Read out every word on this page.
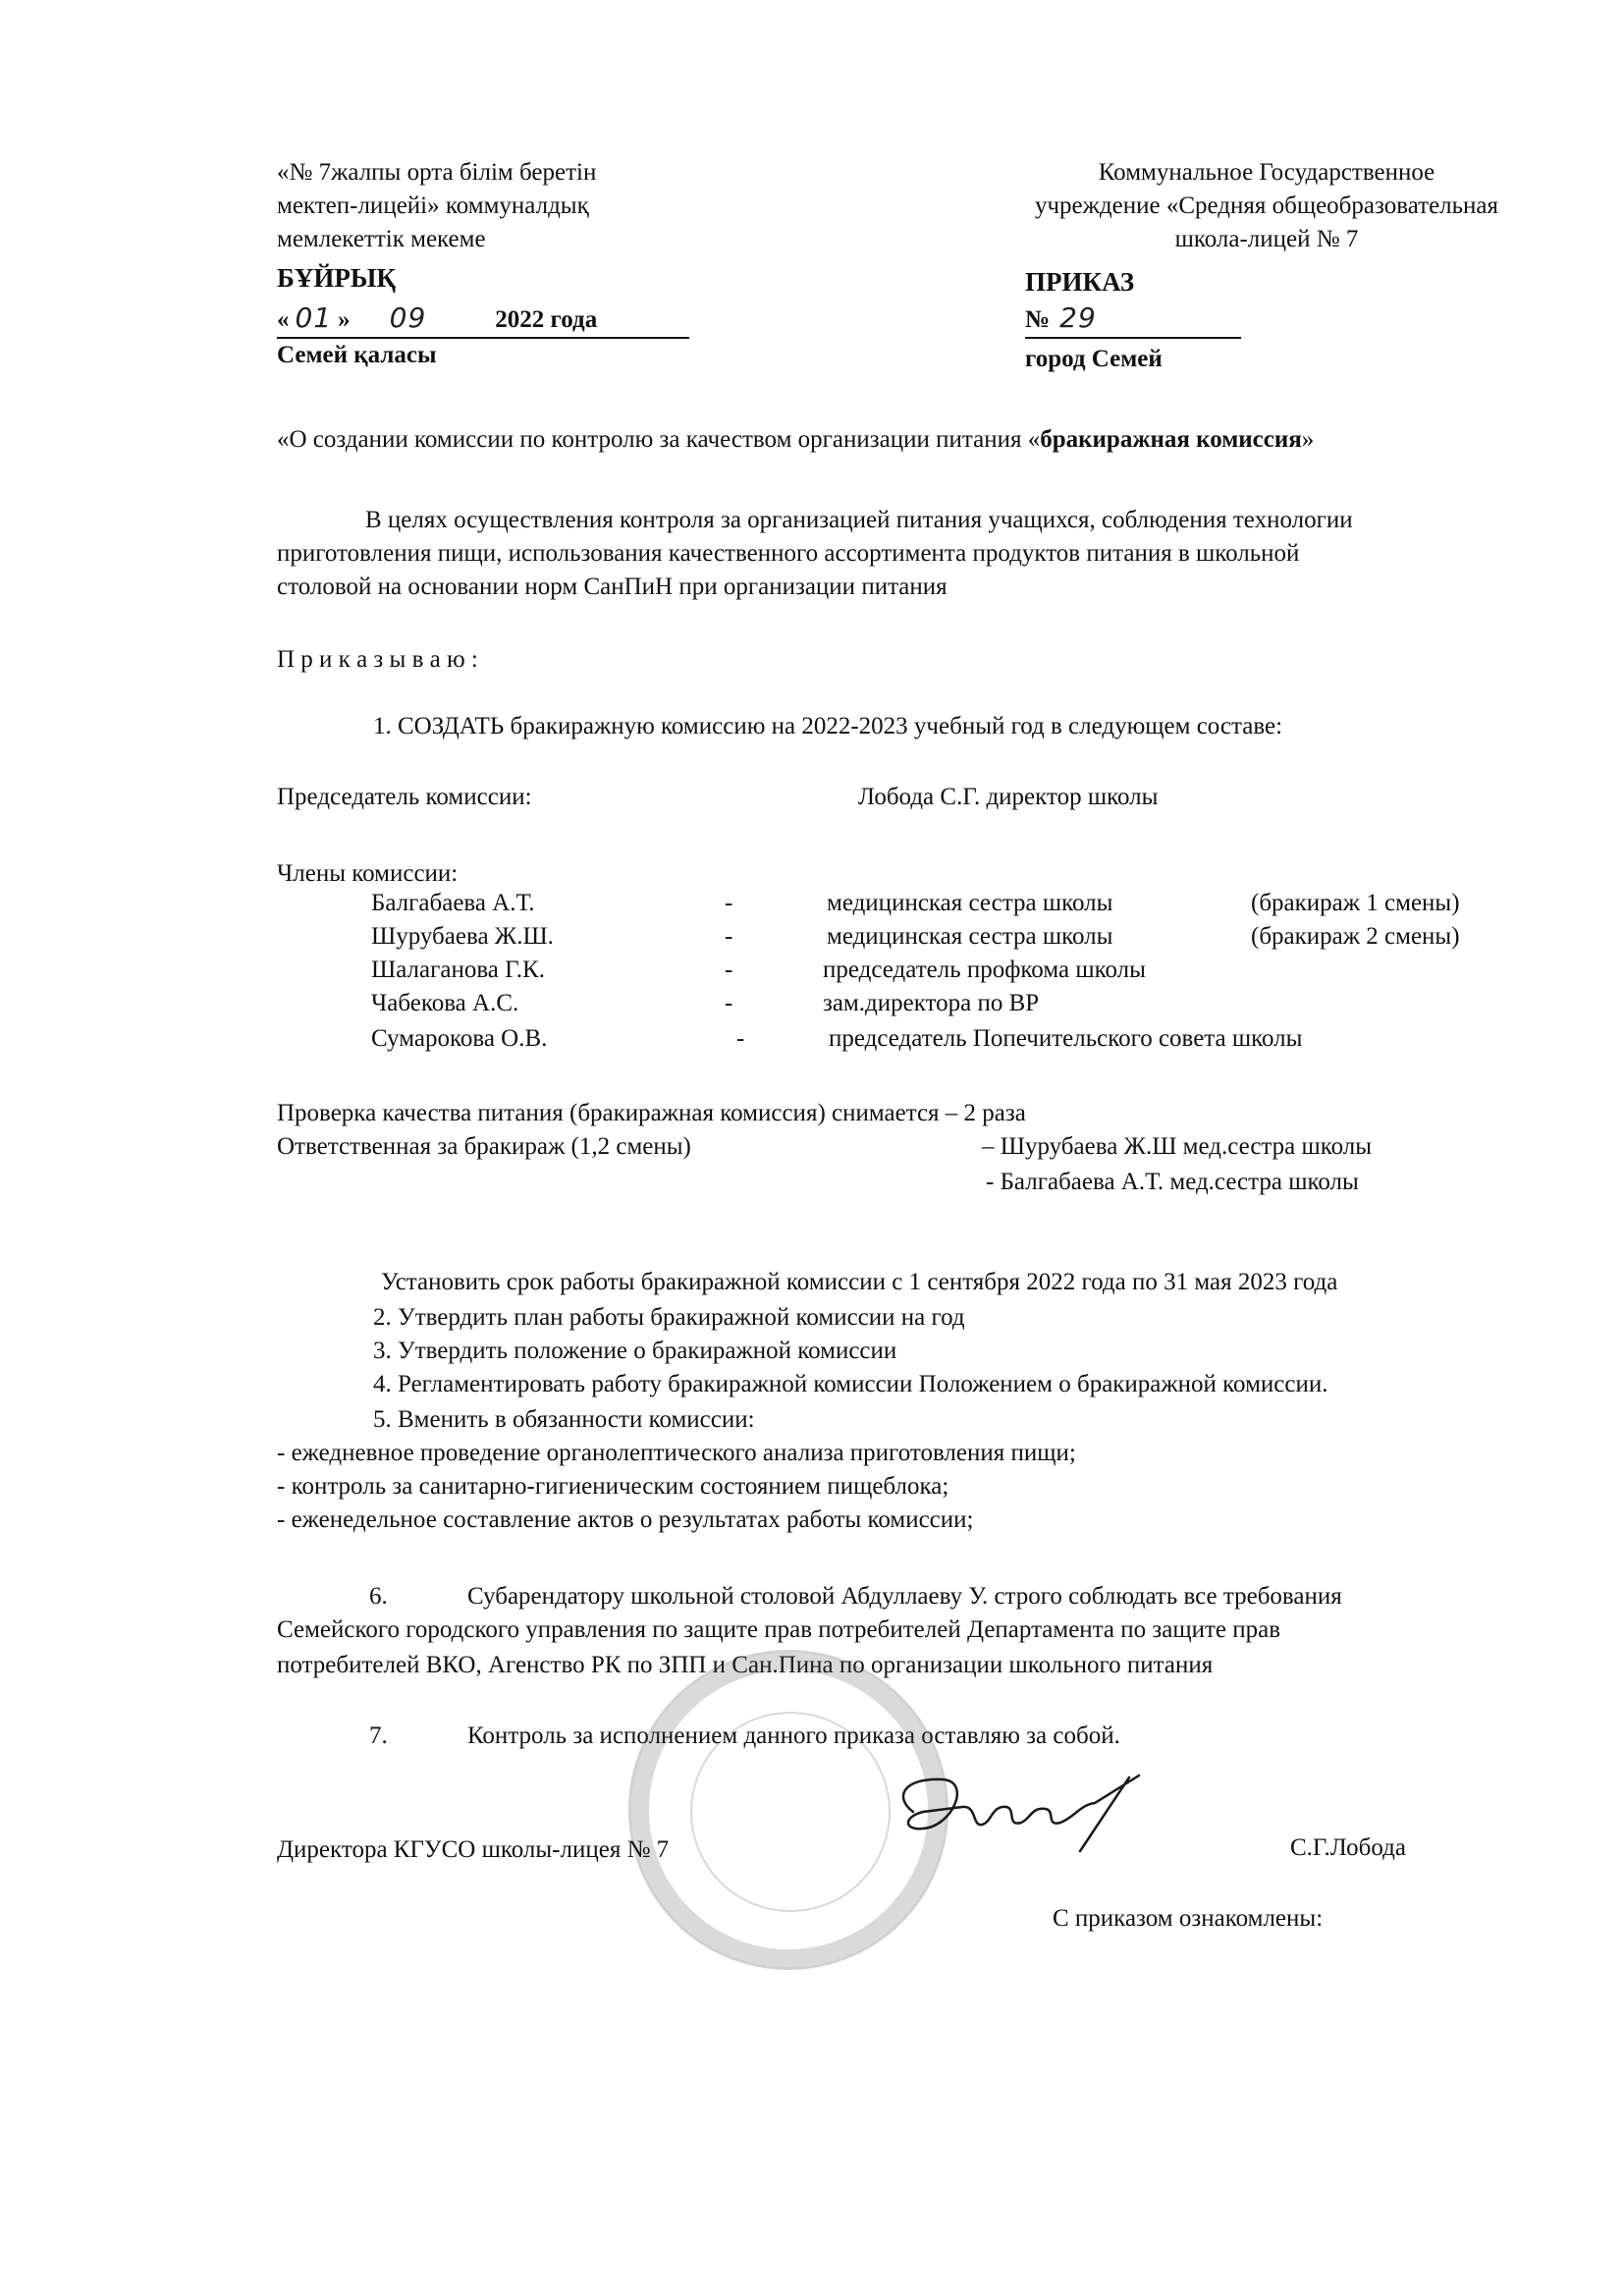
«№ 7жалпы орта білім беретін
мектеп-лицейі» коммуналдық
мемлекеттік мекеме
БҰЙРЫҚ
« 01 » 09	2022 года
Семей қаласы
Коммунальное Государственное
учреждение «Средняя общеобразовательная
школа-лицей № 7
ПРИКАЗ
№ 29
город Семей
«О создании комиссии по контролю за качеством организации питания «бракиражная комиссия»
В целях осуществления контроля за организацией питания учащихся, соблюдения технологии
приготовления пищи, использования качественного ассортимента продуктов питания в школьной
столовой на основании норм СанПиН при организации питания
П р и к а з ы в а ю :
1. СОЗДАТЬ бракиражную комиссию на 2022-2023 учебный год в следующем составе:
Председатель комиссии:	Лобода С.Г. директор школы
Члены комиссии:
Балгабаева А.Т.	-	медицинская сестра школы	(бракираж 1 смены)
Шурубаева Ж.Ш.	-	медицинская сестра школы	(бракираж 2 смены)
Шалаганова Г.К.	-	председатель профкома школы
Чабекова А.С.	-	зам.директора по ВР
Сумарокова О.В.	-	председатель Попечительского совета школы
Проверка качества питания (бракиражная комиссия) снимается – 2 раза
Ответственная за бракираж (1,2 смены)	– Шурубаева Ж.Ш мед.сестра школы
- Балгабаева А.Т. мед.сестра школы
Установить срок работы бракиражной комиссии с 1 сентября 2022 года по 31 мая 2023 года
2. Утвердить план работы бракиражной комиссии на год
3. Утвердить положение о бракиражной комиссии
4. Регламентировать работу бракиражной комиссии Положением о бракиражной комиссии.
5. Вменить в обязанности комиссии:
- ежедневное проведение органолептического анализа приготовления пищи;
- контроль за санитарно-гигиеническим состоянием пищеблока;
- еженедельное составление актов о результатах работы комиссии;
6.	Субарендатору школьной столовой Абдуллаеву У. строго соблюдать все требования
Семейского городского управления по защите прав потребителей Департамента по защите прав
потребителей ВКО, Агенство РК по ЗПП и Сан.Пина по организации школьного питания
7.	Контроль за исполнением данного приказа оставляю за собой.
Директора КГУСО школы-лицея № 7	С.Г.Лобода
С приказом ознакомлены:
